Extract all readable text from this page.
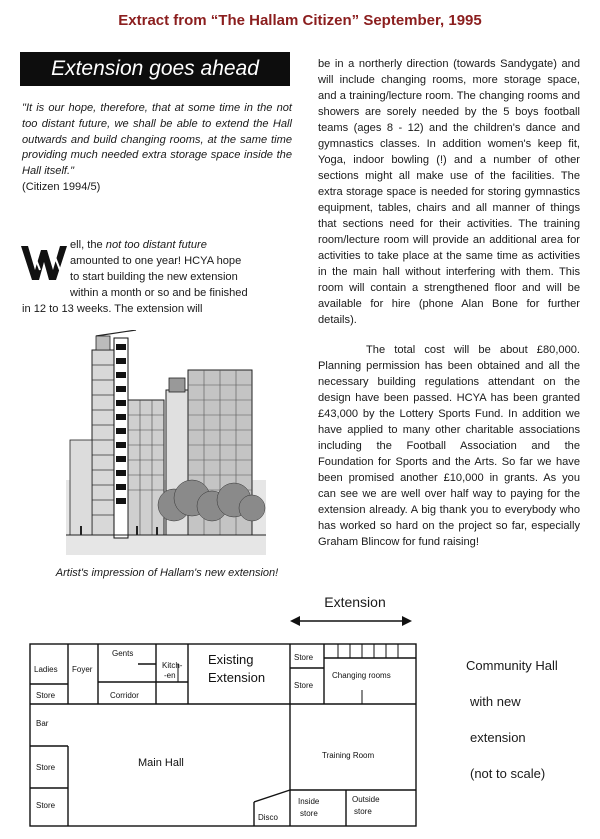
Extract from “The Hallam Citizen” September, 1995
Extension goes ahead
"It is our hope, therefore, that at some time in the not too distant future, we shall be able to extend the Hall outwards and build changing rooms, at the same time providing much needed extra storage space inside the Hall itself."
(Citizen 1994/5)
ell, the not too distant future
amounted to one year! HCYA hope
to start building the new extension
within a month or so and be finished
in 12 to 13 weeks. The extension will
Artist's impression of Hallam's new extension!

be in a northerly direction (towards Sandygate) and will include changing rooms, more storage space, and a training/lecture room. The changing rooms and showers are sorely needed by the 5 boys football teams (ages 8 - 12) and the children's dance and gymnastics classes. In addition women's keep fit, Yoga, indoor bowling (!) and a number of other sections might all make use of the facilities. The extra storage space is needed for storing gymnastics equipment, tables, chairs and all manner of things that sections need for their activities. The training room/lecture room will provide an additional area for activities to take place at the same time as activities in the main hall without interfering with them. This room will contain a strengthened floor and will be available for hire (phone Alan Bone for further details).

The total cost will be about £80,000. Planning permission has been obtained and all the necessary building regulations attendant on the design have been passed. HCYA has been granted £43,000 by the Lottery Sports Fund. In addition we have applied to many other charitable associations including the Football Association and the Foundation for Sports and the Arts. So far we have been promised another £10,000 in grants. As you can see we are well over half way to paying for the extension already. A big thank you to everybody who has worked so hard on the project so far, especially Graham Blincow for fund raising!

Extension
Ladies Foyer
Gents
Kitch-
-en
Existing
Extension
Store
Store
Changing rooms
Store	Corridor
Bar
Store	Main Hall
Training Room
Store
Disco
Inside
store
Outside
store
Community Hall
with new
extension
(not to scale)
